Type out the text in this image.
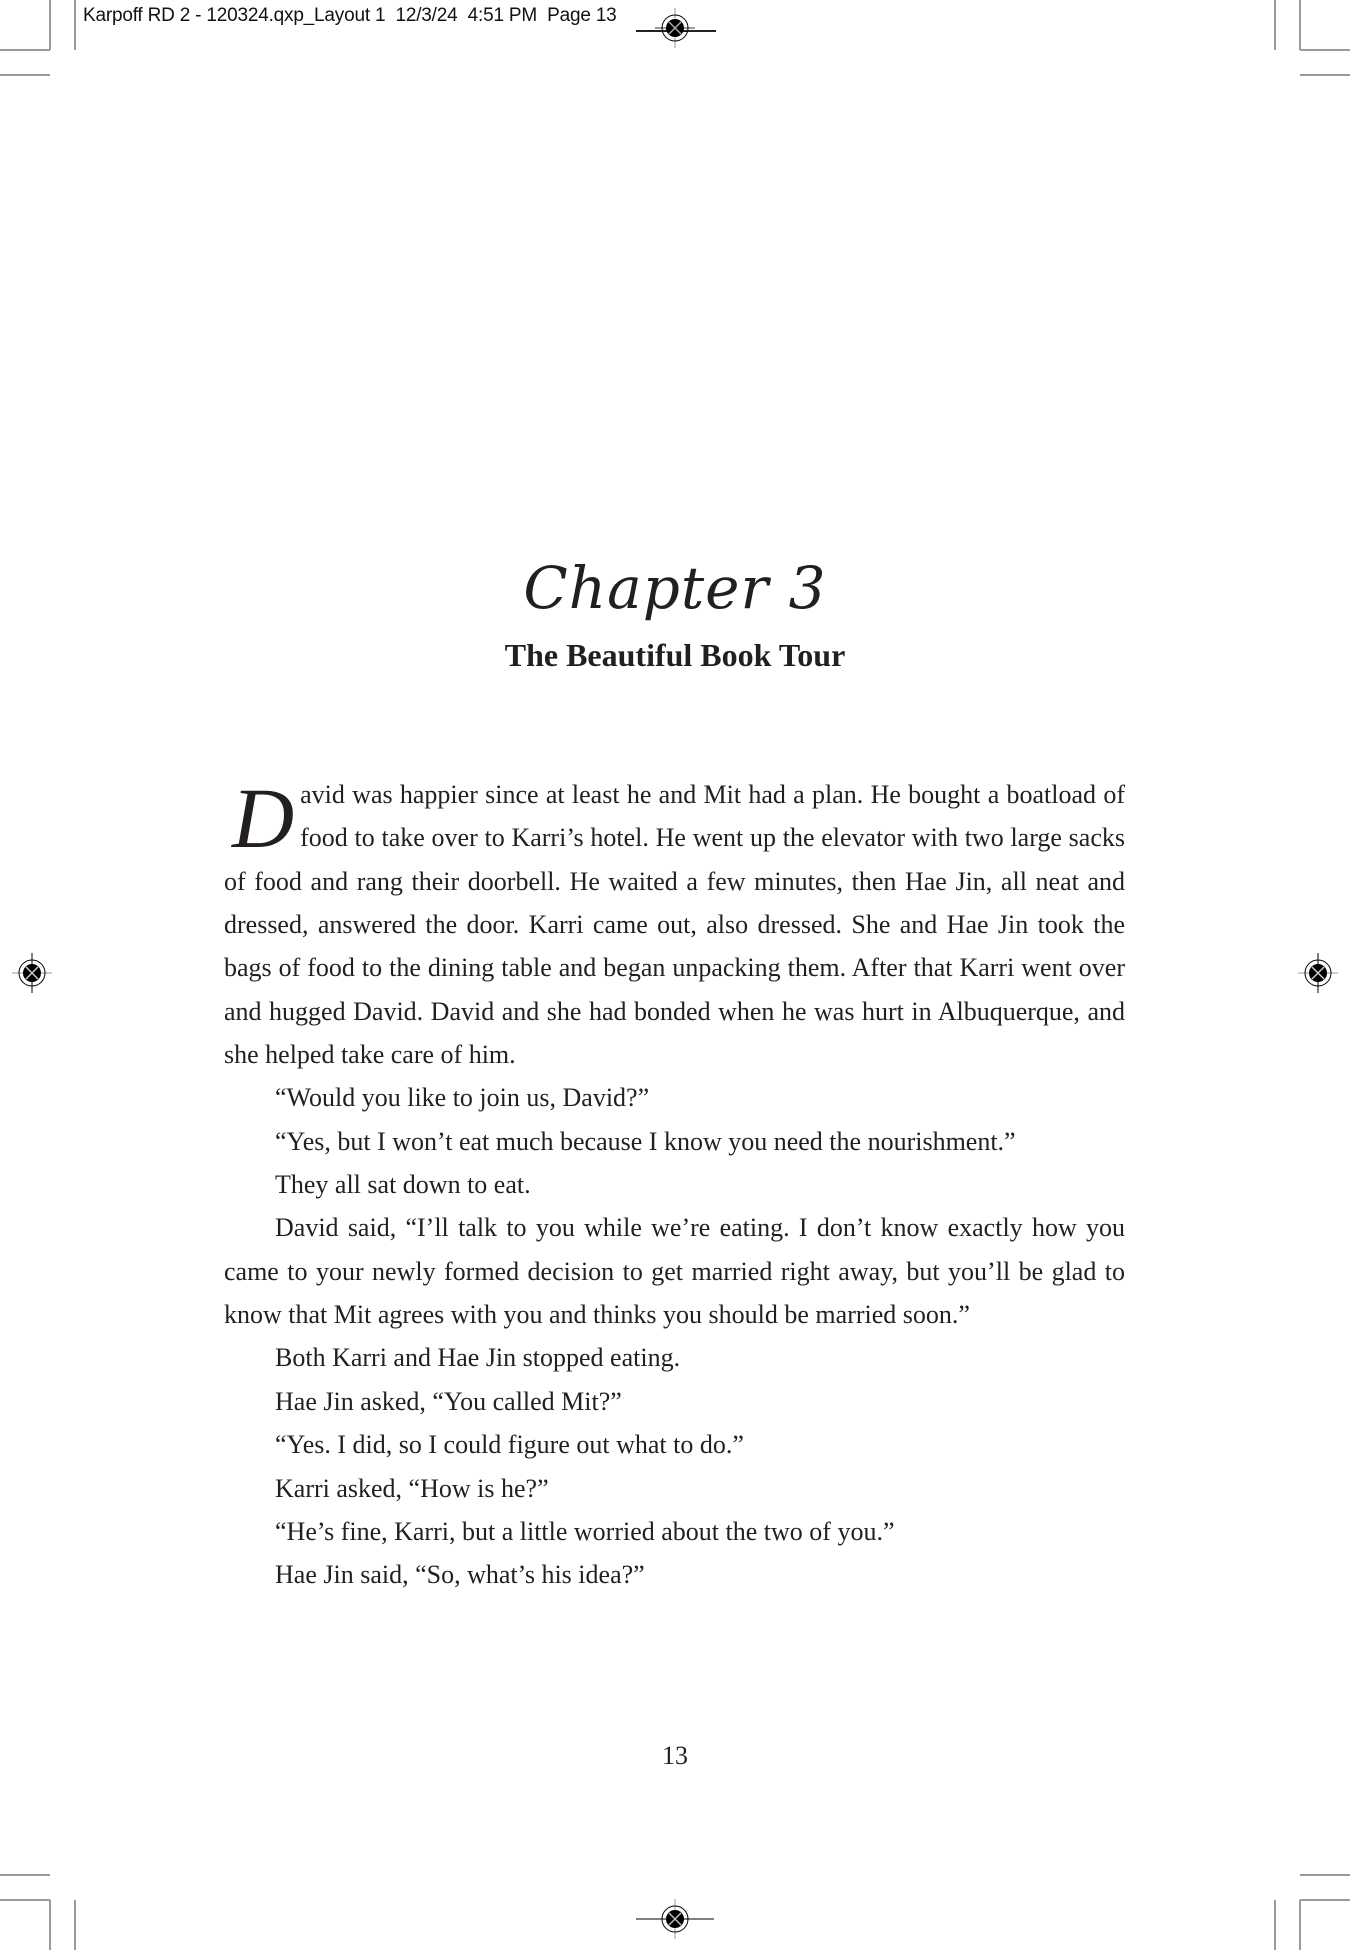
Karpoff RD 2 - 120324.qxp_Layout 1  12/3/24  4:51 PM  Page 13
Chapter 3
The Beautiful Book Tour

David was happier since at least he and Mit had a plan. He bought a boatload of food to take over to Karri’s hotel. He went up the elevator with two large sacks of food and rang their doorbell. He waited a few minutes, then Hae Jin, all neat and dressed, answered the door. Karri came out, also dressed. She and Hae Jin took the bags of food to the dining table and began unpacking them. After that Karri went over and hugged David. David and she had bonded when he was hurt in Albuquerque, and she helped take care of him.

“Would you like to join us, David?”

“Yes, but I won’t eat much because I know you need the nourishment.”

They all sat down to eat.

David said, “I’ll talk to you while we’re eating. I don’t know exactly how you came to your newly formed decision to get married right away, but you’ll be glad to know that Mit agrees with you and thinks you should be married soon.”

Both Karri and Hae Jin stopped eating.

Hae Jin asked, “You called Mit?”

“Yes. I did, so I could figure out what to do.”

Karri asked, “How is he?”

“He’s fine, Karri, but a little worried about the two of you.”

Hae Jin said, “So, what’s his idea?”

13
